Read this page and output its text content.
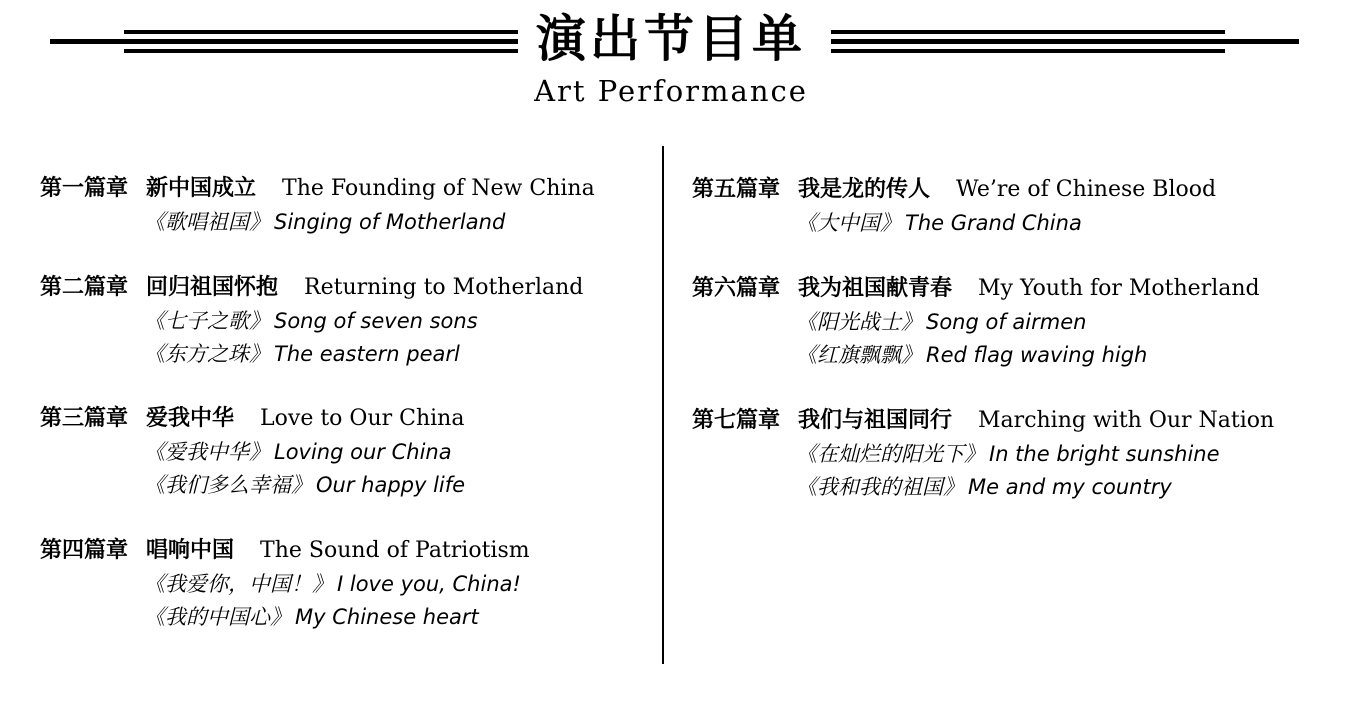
演出节目单
Art Performance
第一篇章 新中国成立 The Founding of New China
《歌唱祖国》 Singing of Motherland
第二篇章 回归祖国怀抱 Returning to Motherland
《七子之歌》 Song of seven sons
《东方之珠》 The eastern pearl
第三篇章 爱我中华 Love to Our China
《爱我中华》 Loving our China
《我们多么幸福》 Our happy life
第四篇章 唱响中国 The Sound of Patriotism
《我爱你，中国！》 I love you, China!
《我的中国心》 My Chinese heart
第五篇章 我是龙的传人 We’re of Chinese Blood
《大中国》 The Grand China
第六篇章 我为祖国献青春 My Youth for Motherland
《阳光战士》 Song of airmen
《红旗飘飘》 Red flag waving high
第七篇章 我们与祖国同行 Marching with Our Nation
《在灿烂的阳光下》 In the bright sunshine
《我和我的祖国》 Me and my country
